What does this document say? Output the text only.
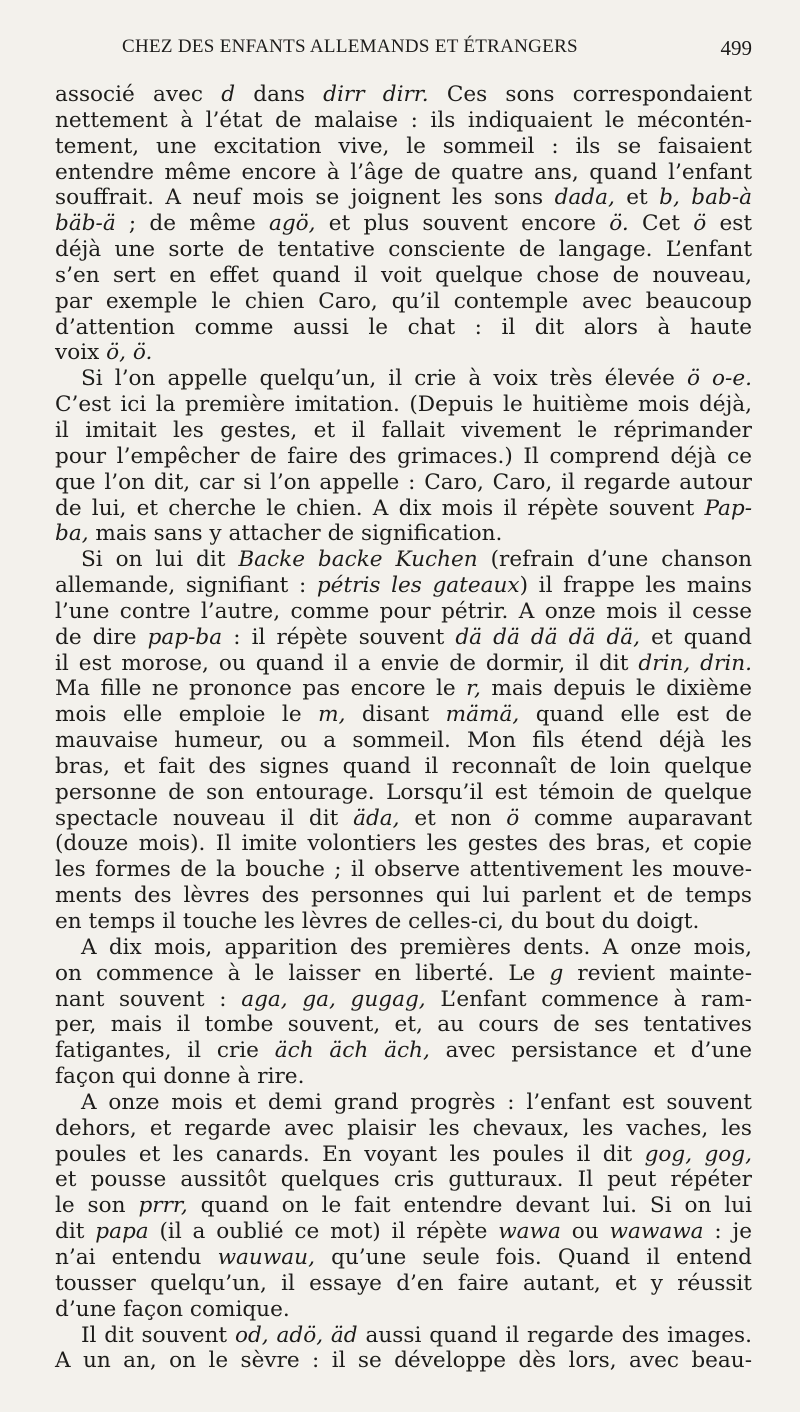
CHEZ DES ENFANTS ALLEMANDS ET ÉTRANGERS	499
associé avec d dans dirr dirr. Ces sons correspondaient
nettement à l’état de malaise : ils indiquaient le mécontén-
tement, une excitation vive, le sommeil : ils se faisaient
entendre même encore à l’âge de quatre ans, quand l’enfant
souffrait. A neuf mois se joignent les sons dada, et b, bab-à
bäb-ä ; de même agö, et plus souvent encore ö. Cet ö est
déjà une sorte de tentative consciente de langage. L’enfant
s’en sert en effet quand il voit quelque chose de nouveau,
par exemple le chien Caro, qu’il contemple avec beaucoup
d’attention comme aussi le chat : il dit alors à haute
voix ö, ö.
Si l’on appelle quelqu’un, il crie à voix très élevée ö o-e.
C’est ici la première imitation. (Depuis le huitième mois déjà,
il imitait les gestes, et il fallait vivement le réprimander
pour l’empêcher de faire des grimaces.) Il comprend déjà ce
que l’on dit, car si l’on appelle : Caro, Caro, il regarde autour
de lui, et cherche le chien. A dix mois il répète souvent Pap-
ba, mais sans y attacher de signification.
Si on lui dit Backe backe Kuchen (refrain d’une chanson
allemande, signifiant : pétris les gateaux) il frappe les mains
l’une contre l’autre, comme pour pétrir. A onze mois il cesse
de dire pap-ba : il répète souvent dä dä dä dä dä, et quand
il est morose, ou quand il a envie de dormir, il dit drin, drin.
Ma fille ne prononce pas encore le r, mais depuis le dixième
mois elle emploie le m, disant mämä, quand elle est de
mauvaise humeur, ou a sommeil. Mon fils étend déjà les
bras, et fait des signes quand il reconnaît de loin quelque
personne de son entourage. Lorsqu’il est témoin de quelque
spectacle nouveau il dit äda, et non ö comme auparavant
(douze mois). Il imite volontiers les gestes des bras, et copie
les formes de la bouche ; il observe attentivement les mouve-
ments des lèvres des personnes qui lui parlent et de temps
en temps il touche les lèvres de celles-ci, du bout du doigt.
A dix mois, apparition des premières dents. A onze mois,
on commence à le laisser en liberté. Le g revient mainte-
nant souvent : aga, ga, gugag, L’enfant commence à ram-
per, mais il tombe souvent, et, au cours de ses tentatives
fatigantes, il crie äch äch äch, avec persistance et d’une
façon qui donne à rire.
A onze mois et demi grand progrès : l’enfant est souvent
dehors, et regarde avec plaisir les chevaux, les vaches, les
poules et les canards. En voyant les poules il dit gog, gog,
et pousse aussitôt quelques cris gutturaux. Il peut répéter
le son prrr, quand on le fait entendre devant lui. Si on lui
dit papa (il a oublié ce mot) il répète wawa ou wawawa : je
n’ai entendu wauwau, qu’une seule fois. Quand il entend
tousser quelqu’un, il essaye d’en faire autant, et y réussit
d’une façon comique.
Il dit souvent od, adö, äd aussi quand il regarde des images.
A un an, on le sèvre : il se développe dès lors, avec beau-
